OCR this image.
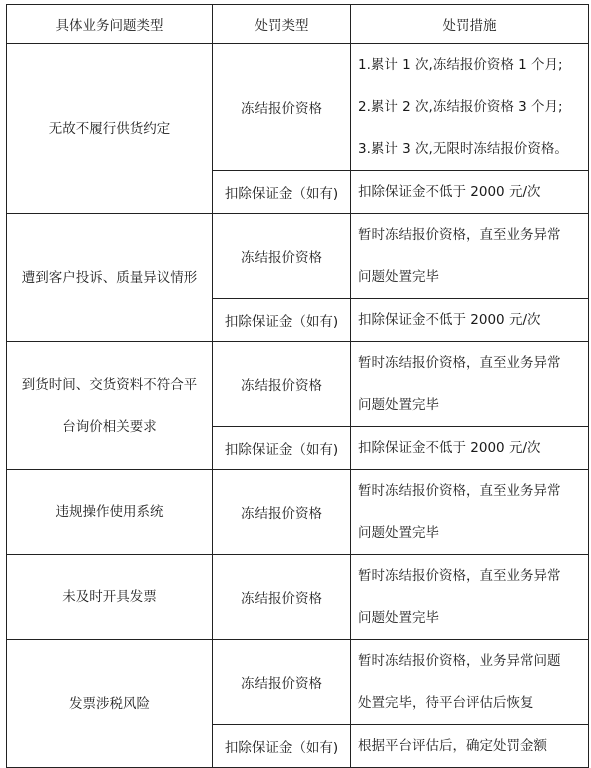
具体业务问题类型	处罚类型	处罚措施
无故不履行供货约定	冻结报价资格	1.累计 1 次,冻结报价资格 1 个月;
2.累计 2 次,冻结报价资格 3 个月;
3.累计 3 次,无限时冻结报价资格。

	扣除保证金（如有)	扣除保证金不低于 2000 元/次
遭到客户投诉、质量异议情形	冻结报价资格	暂时冻结报价资格，直至业务异常
问题处置完毕

	扣除保证金（如有)	扣除保证金不低于 2000 元/次

到货时间、交货资料不符合平
台询价相关要求	冻结报价资格	暂时冻结报价资格，直至业务异常
问题处置完毕

	扣除保证金（如有)	扣除保证金不低于 2000 元/次
违规操作使用系统	冻结报价资格	暂时冻结报价资格，直至业务异常
问题处置完毕

未及时开具发票	冻结报价资格	暂时冻结报价资格，直至业务异常
问题处置完毕

发票涉税风险	冻结报价资格	暂时冻结报价资格，业务异常问题
处置完毕，待平台评估后恢复

	扣除保证金（如有)	根据平台评估后，确定处罚金额
